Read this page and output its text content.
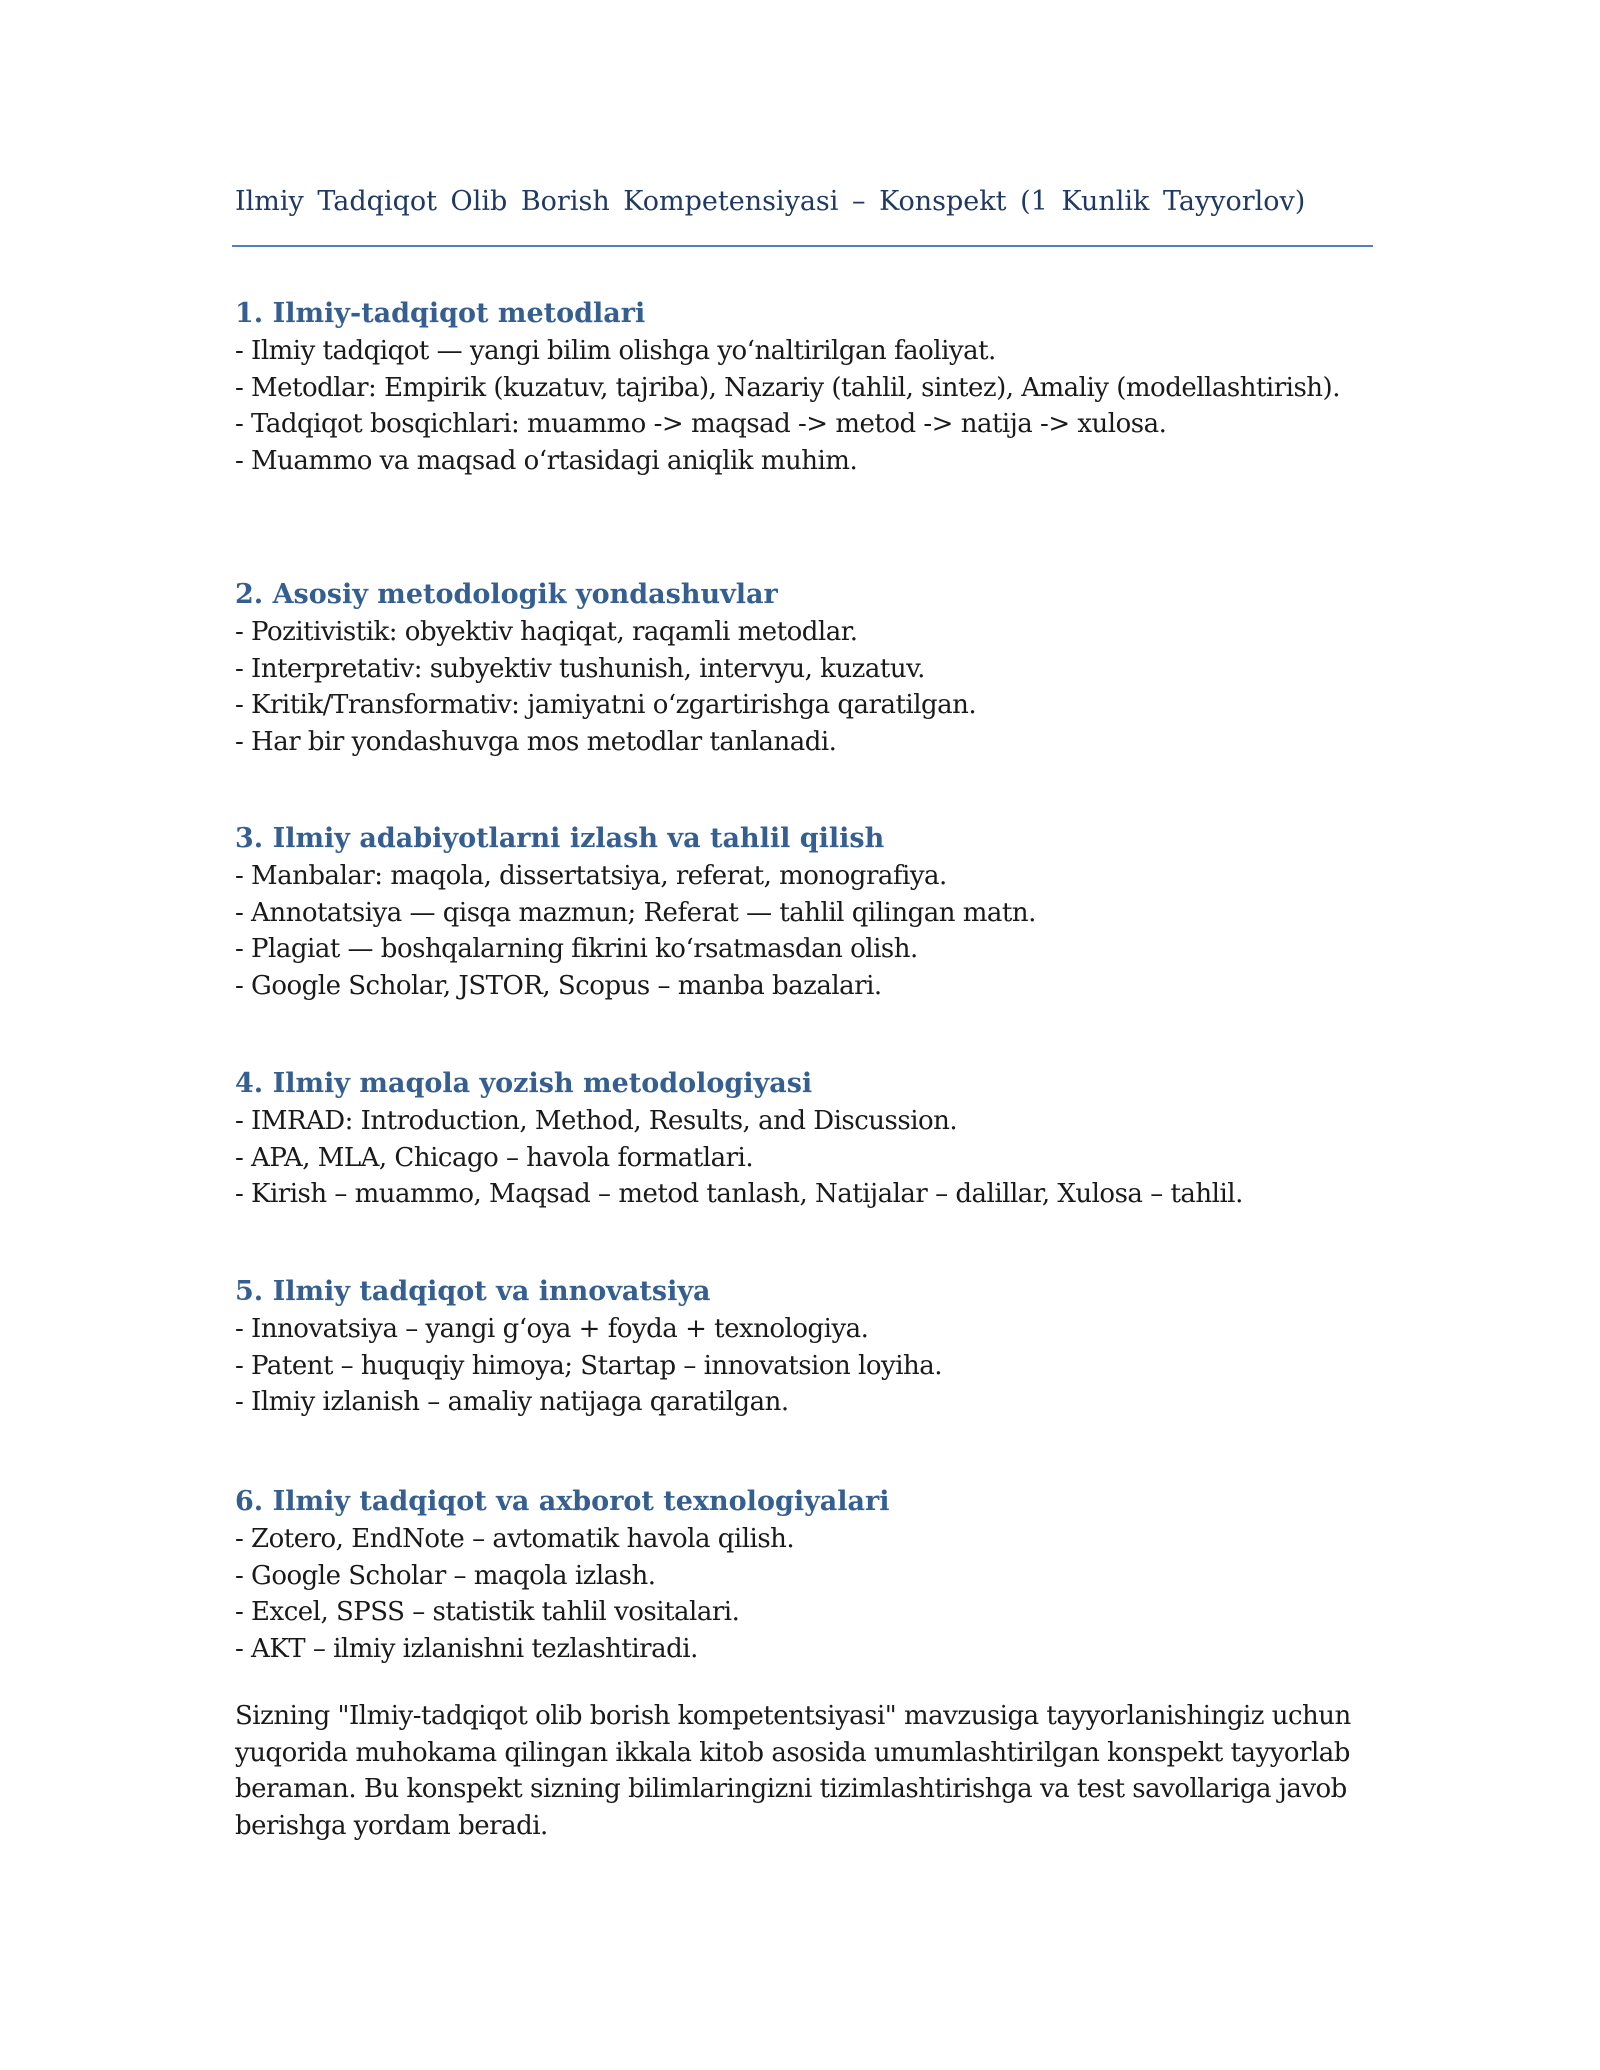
Ilmiy Tadqiqot Olib Borish Kompetensiyasi – Konspekt (1 Kunlik Tayyorlov)
1. Ilmiy-tadqiqot metodlari
- Ilmiy tadqiqot — yangi bilim olishga yo‘naltirilgan faoliyat.
- Metodlar: Empirik (kuzatuv, tajriba), Nazariy (tahlil, sintez), Amaliy (modellashtirish).
- Tadqiqot bosqichlari: muammo -> maqsad -> metod -> natija -> xulosa.
- Muammo va maqsad o‘rtasidagi aniqlik muhim.
2. Asosiy metodologik yondashuvlar
- Pozitivistik: obyektiv haqiqat, raqamli metodlar.
- Interpretativ: subyektiv tushunish, intervyu, kuzatuv.
- Kritik/Transformativ: jamiyatni o‘zgartirishga qaratilgan.
- Har bir yondashuvga mos metodlar tanlanadi.
3. Ilmiy adabiyotlarni izlash va tahlil qilish
- Manbalar: maqola, dissertatsiya, referat, monografiya.
- Annotatsiya — qisqa mazmun; Referat — tahlil qilingan matn.
- Plagiat — boshqalarning fikrini ko‘rsatmasdan olish.
- Google Scholar, JSTOR, Scopus – manba bazalari.
4. Ilmiy maqola yozish metodologiyasi
- IMRAD: Introduction, Method, Results, and Discussion.
- APA, MLA, Chicago – havola formatlari.
- Kirish – muammo, Maqsad – metod tanlash, Natijalar – dalillar, Xulosa – tahlil.
5. Ilmiy tadqiqot va innovatsiya
- Innovatsiya – yangi g‘oya + foyda + texnologiya.
- Patent – huquqiy himoya; Startap – innovatsion loyiha.
- Ilmiy izlanish – amaliy natijaga qaratilgan.
6. Ilmiy tadqiqot va axborot texnologiyalari
- Zotero, EndNote – avtomatik havola qilish.
- Google Scholar – maqola izlash.
- Excel, SPSS – statistik tahlil vositalari.
- AKT – ilmiy izlanishni tezlashtiradi.

Sizning "Ilmiy-tadqiqot olib borish kompetentsiyasi" mavzusiga tayyorlanishingiz uchun yuqorida muhokama qilingan ikkala kitob asosida umumlashtirilgan konspekt tayyorlab beraman. Bu konspekt sizning bilimlaringizni tizimlashtirishga va test savollariga javob berishga yordam beradi.
